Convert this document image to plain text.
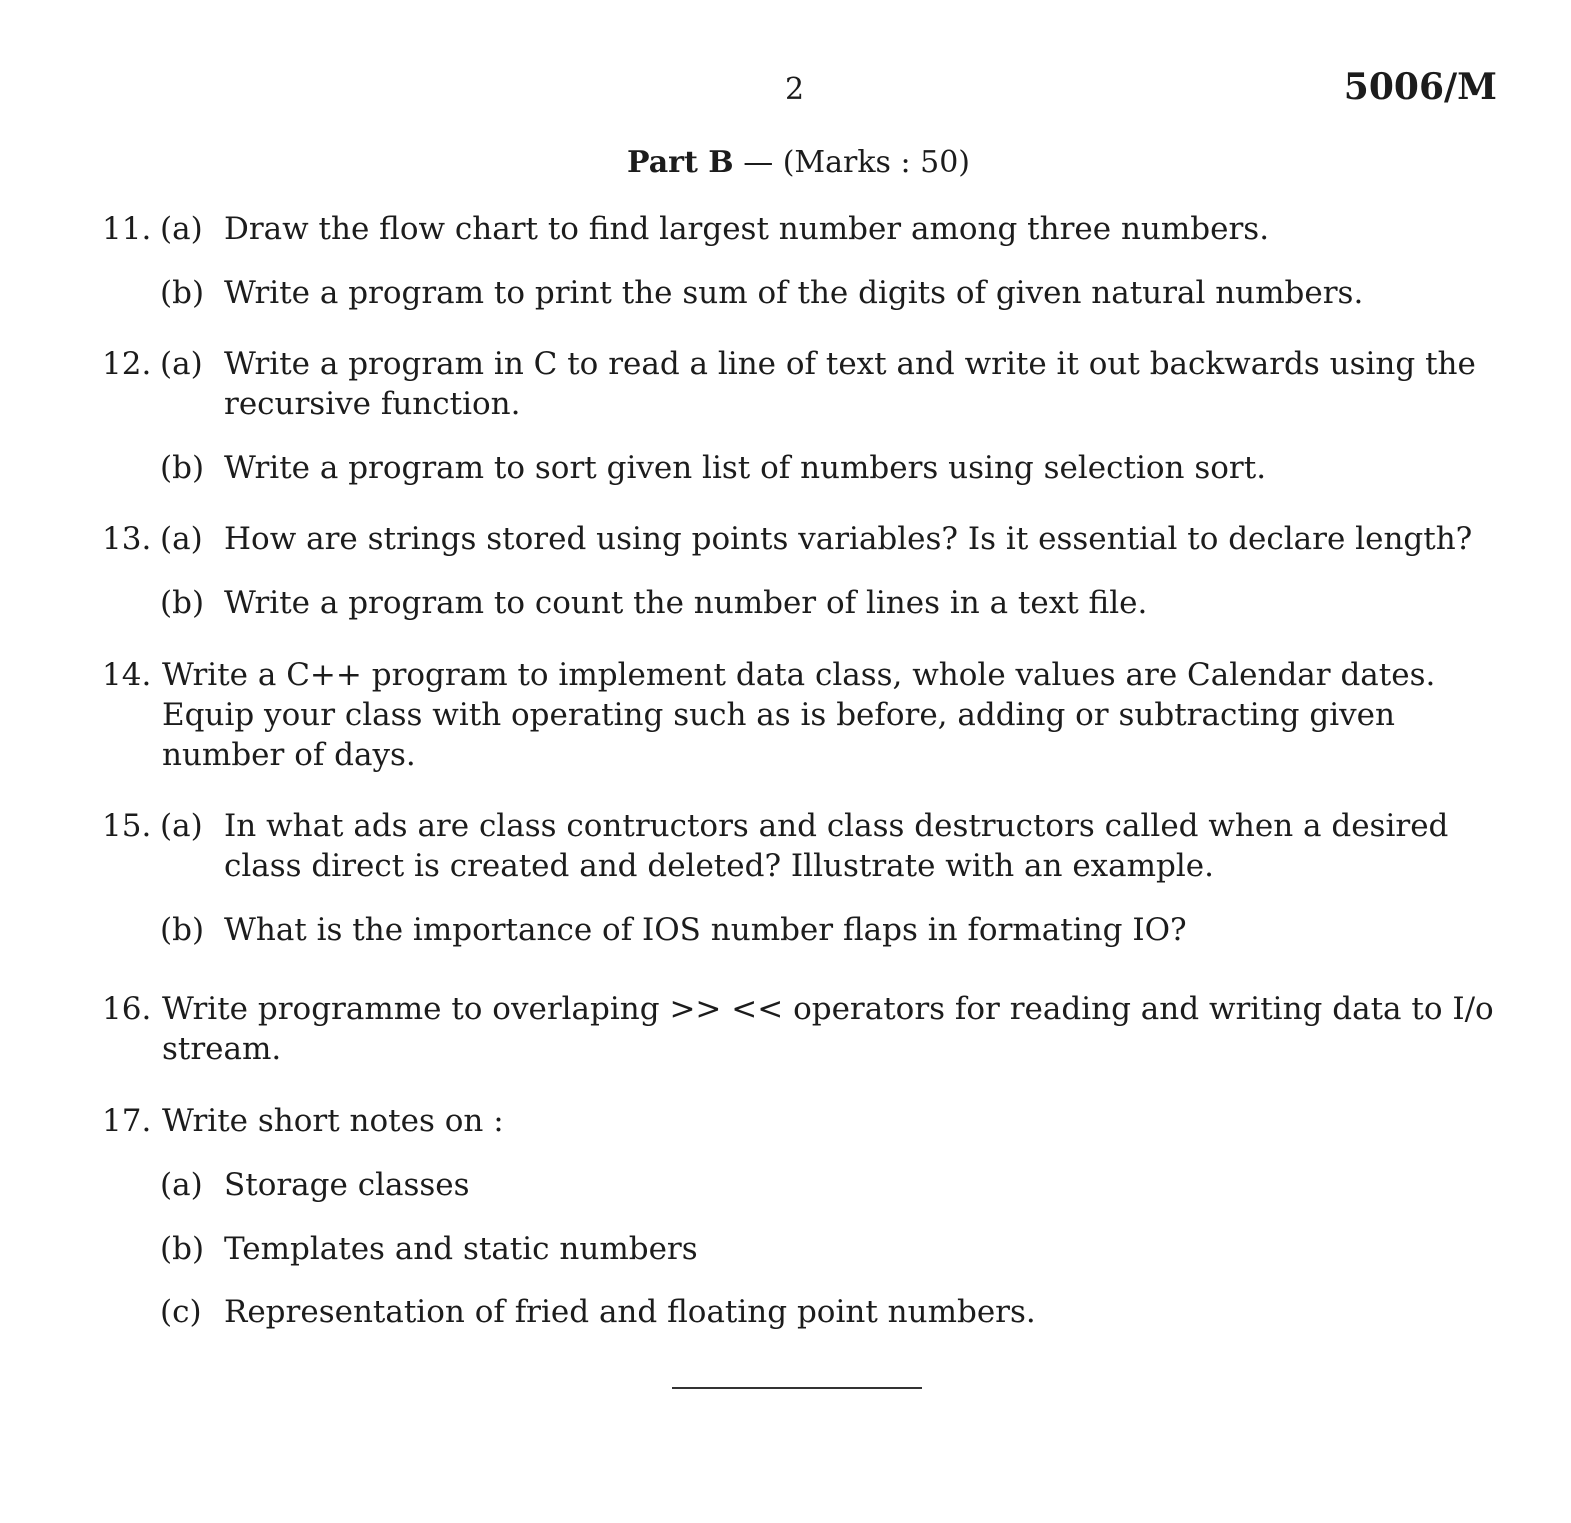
2	5006/M
Part B — (Marks : 50)
11. (a) Draw the flow chart to find largest number among three numbers.
(b) Write a program to print the sum of the digits of given natural numbers.
12. (a) Write a program in C to read a line of text and write it out backwards using the
recursive function.
(b) Write a program to sort given list of numbers using selection sort.
13. (a) How are strings stored using points variables? Is it essential to declare length?
(b) Write a program to count the number of lines in a text file.
14. Write a C++ program to implement data class, whole values are Calendar dates.
Equip your class with operating such as is before, adding or subtracting given
number of days.
15. (a) In what ads are class contructors and class destructors called when a desired
class direct is created and deleted? Illustrate with an example.
(b) What is the importance of IOS number flaps in formating IO?
16. Write programme to overlaping >> << operators for reading and writing data to I/o
stream.
17. Write short notes on :
(a) Storage classes
(b) Templates and static numbers
(c) Representation of fried and floating point numbers.
